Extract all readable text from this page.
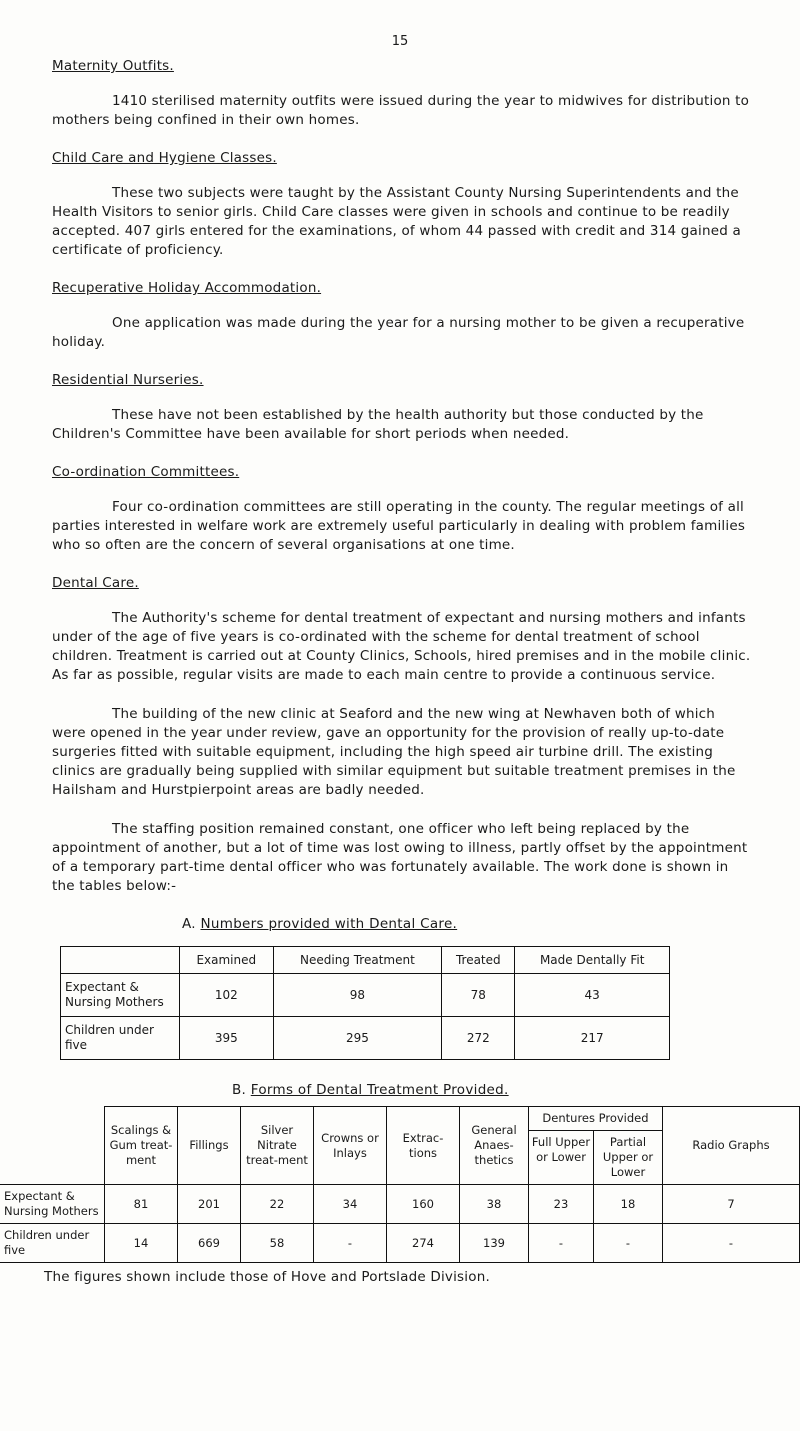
15
Maternity Outfits.

1410 sterilised maternity outfits were issued during the year to midwives for distribution to mothers being confined in their own homes.

Child Care and Hygiene Classes.

These two subjects were taught by the Assistant County Nursing Superintendents and the Health Visitors to senior girls. Child Care classes were given in schools and continue to be readily accepted. 407 girls entered for the examinations, of whom 44 passed with credit and 314 gained a certificate of proficiency.

Recuperative Holiday Accommodation.

One application was made during the year for a nursing mother to be given a recuperative holiday.

Residential Nurseries.

These have not been established by the health authority but those conducted by the Children's Committee have been available for short periods when needed.

Co-ordination Committees.

Four co-ordination committees are still operating in the county. The regular meetings of all parties interested in welfare work are extremely useful particularly in dealing with problem families who so often are the concern of several organisations at one time.

Dental Care.

The Authority's scheme for dental treatment of expectant and nursing mothers and infants under of the age of five years is co-ordinated with the scheme for dental treatment of school children. Treatment is carried out at County Clinics, Schools, hired premises and in the mobile clinic. As far as possible, regular visits are made to each main centre to provide a continuous service.

The building of the new clinic at Seaford and the new wing at Newhaven both of which were opened in the year under review, gave an opportunity for the provision of really up-to-date surgeries fitted with suitable equipment, including the high speed air turbine drill. The existing clinics are gradually being supplied with similar equipment but suitable treatment premises in the Hailsham and Hurstpierpoint areas are badly needed.

The staffing position remained constant, one officer who left being replaced by the appointment of another, but a lot of time was lost owing to illness, partly offset by the appointment of a temporary part-time dental officer who was fortunately available. The work done is shown in the tables below:-

A. Numbers provided with Dental Care.
	Examined	Needing Treatment	Treated	Made Dentally Fit
Expectant & Nursing Mothers	102	98	78	43
Children under five	395	295	272	217
B. Forms of Dental Treatment Provided.
	Scalings & Gum treat-ment	Fillings	Silver Nitrate treat-ment	Crowns or Inlays	Extrac-tions	General Anaes-thetics	Dentures Provided		Radio Graphs
							Full Upper or Lower	Partial Upper or Lower	
Expectant & Nursing Mothers	81	201	22	34	160	38	23	18	7
Children under five	14	669	58	-	274	139	-	-	-
The figures shown include those of Hove and Portslade Division.
